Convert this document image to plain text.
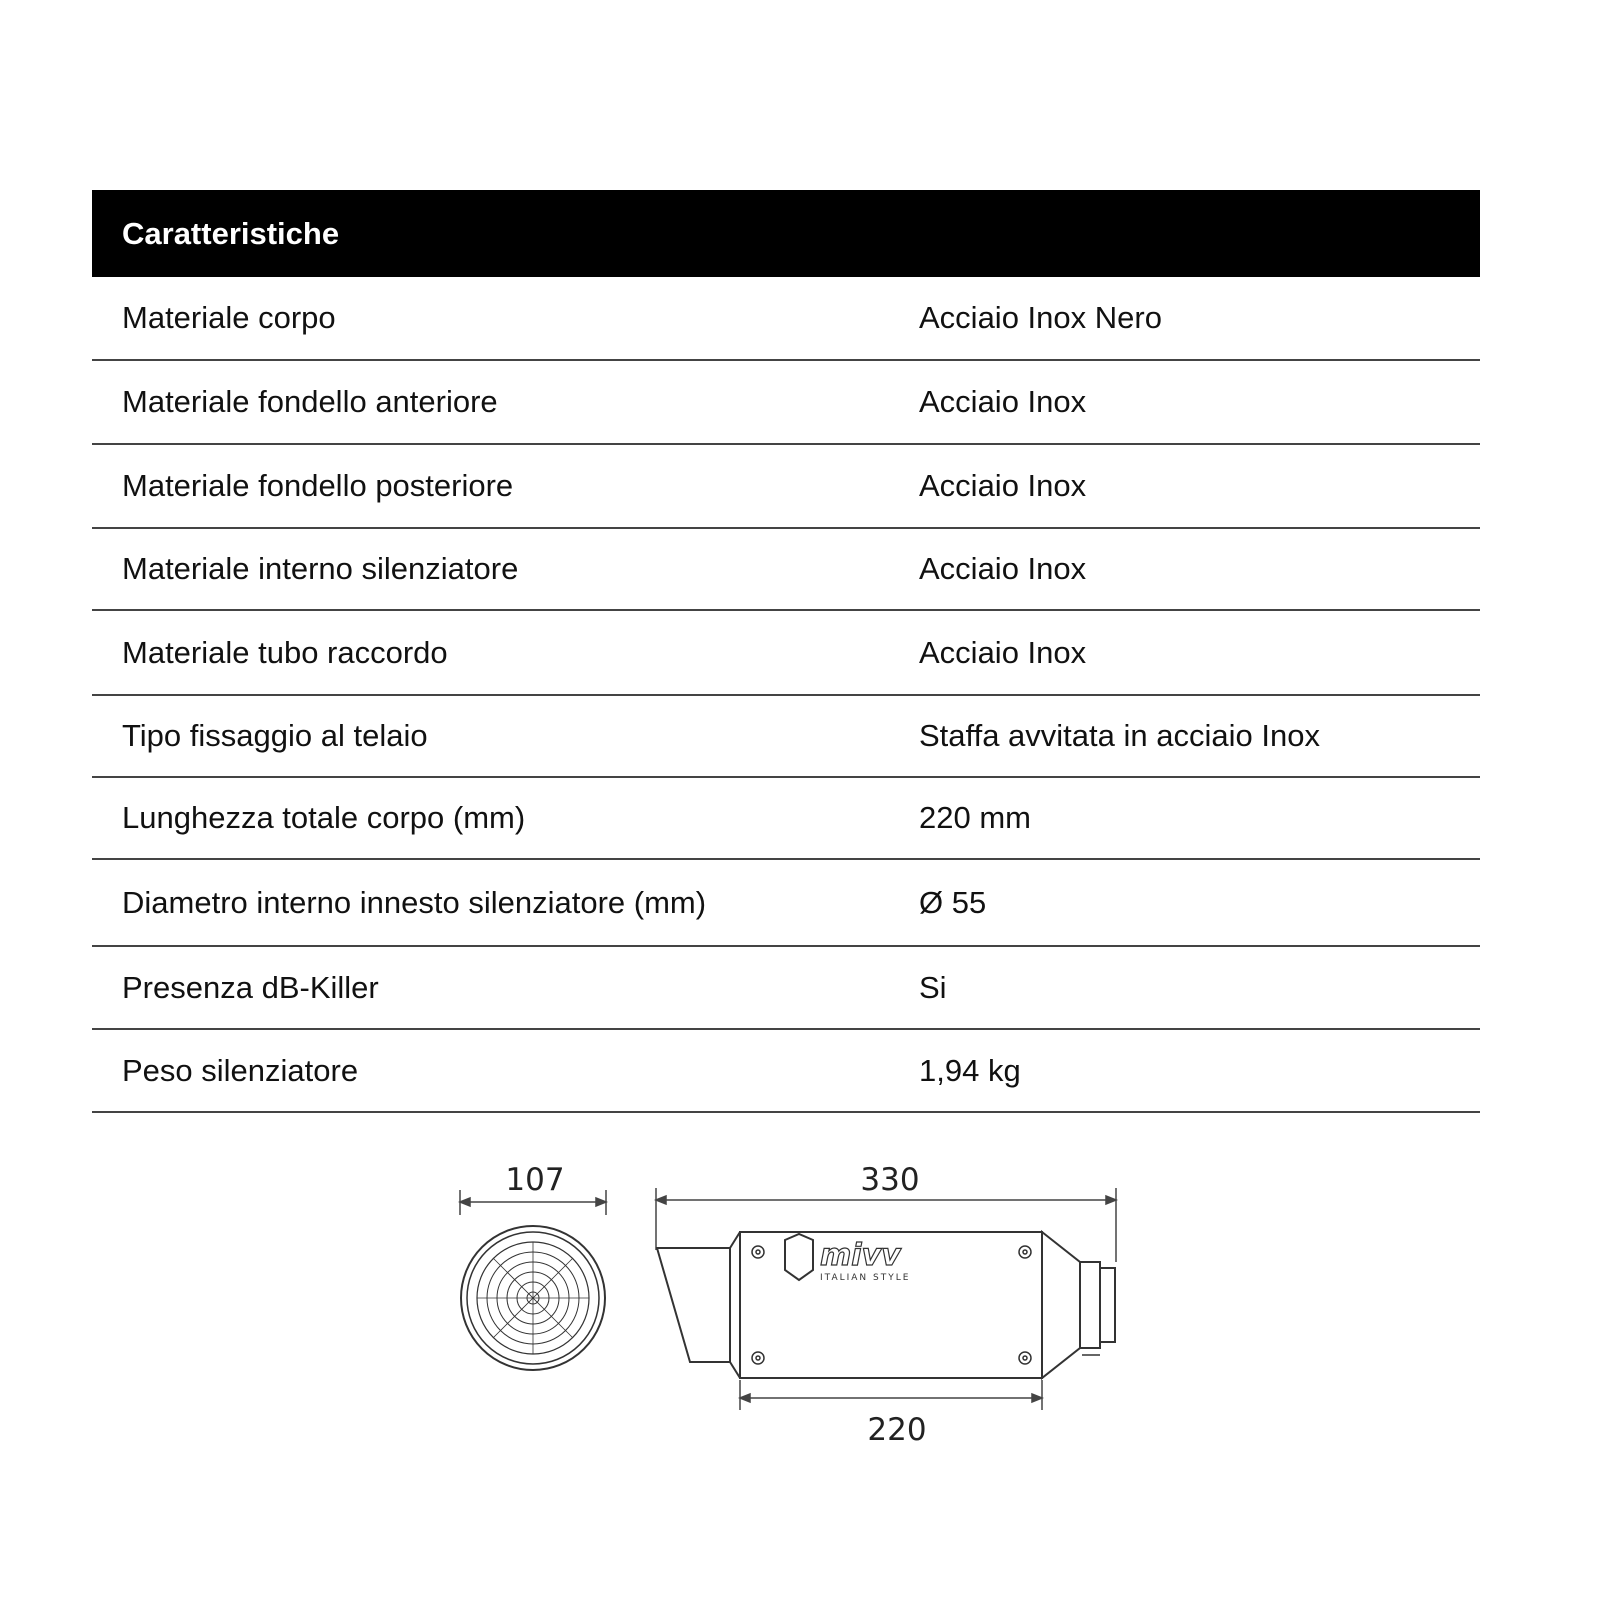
Caratteristiche
Materiale corpo	Acciaio Inox Nero
Materiale fondello anteriore	Acciaio Inox
Materiale fondello posteriore	Acciaio Inox
Materiale interno silenziatore	Acciaio Inox
Materiale tubo raccordo	Acciaio Inox
Tipo fissaggio al telaio	Staffa avvitata in acciaio Inox
Lunghezza totale corpo (mm)	220 mm
Diametro interno innesto silenziatore (mm)	Ø 55
Presenza dB-Killer	Si
Peso silenziatore	1,94 kg
107	330
mivv
ITALIAN STYLE
220
